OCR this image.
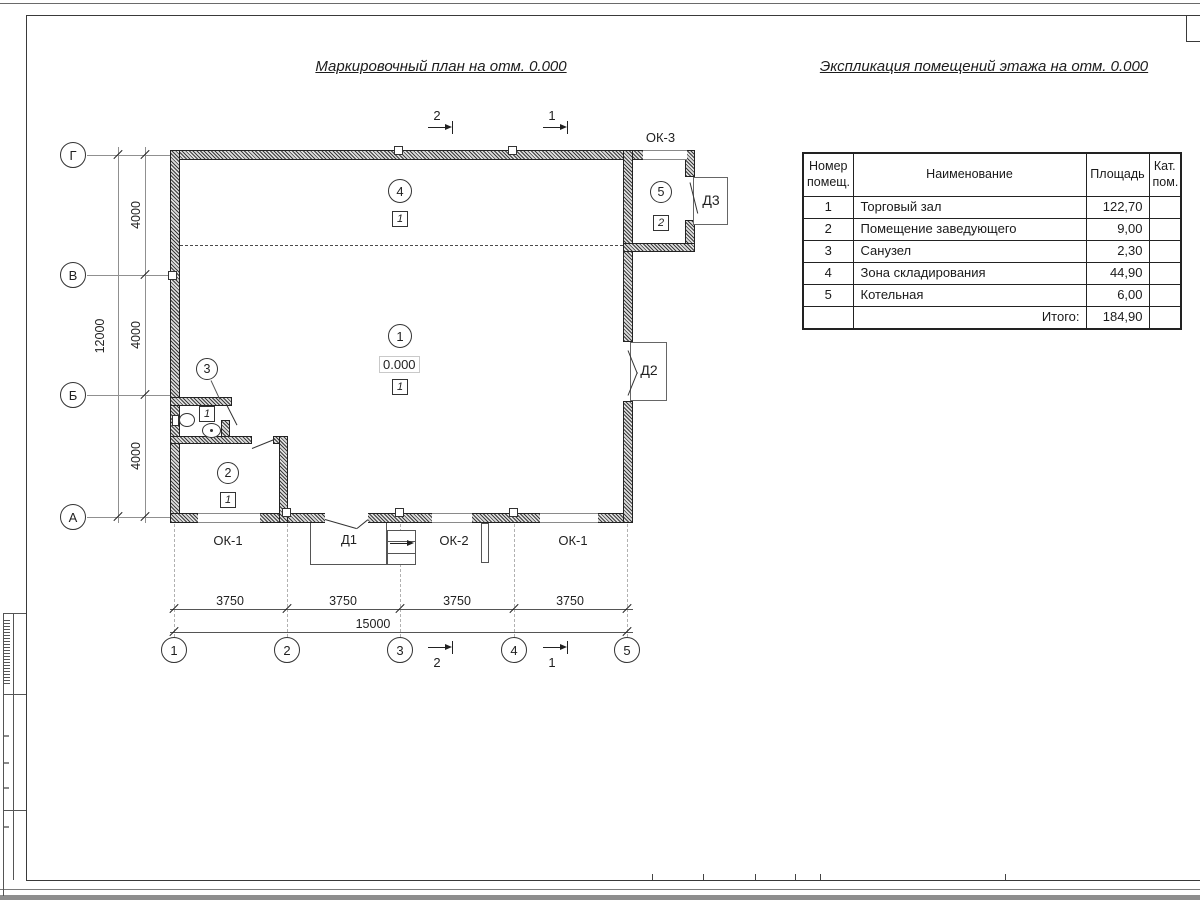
Маркировочный план на отм. 0.000	Экспликация помещений этажа на отм. 0.000
Д2
Д3
1
0.000
1
2
1
3
1
4
1
5
2
ОК-1	Д1	ОК-2	ОК-1
ОК-3
Г
В
Б
А
4000
4000
4000
12000
3750	3750	3750	3750
15000
1	2	3	4	5
2	1
2	1
Номер помещ.	Наименование	Площадь	Кат. пом.
1	Торговый зал	122,70	
2	Помещение заведующего	9,00	
3	Санузел	2,30	
4	Зона складирования	44,90	
5	Котельная	6,00	
	Итого:	184,90	
